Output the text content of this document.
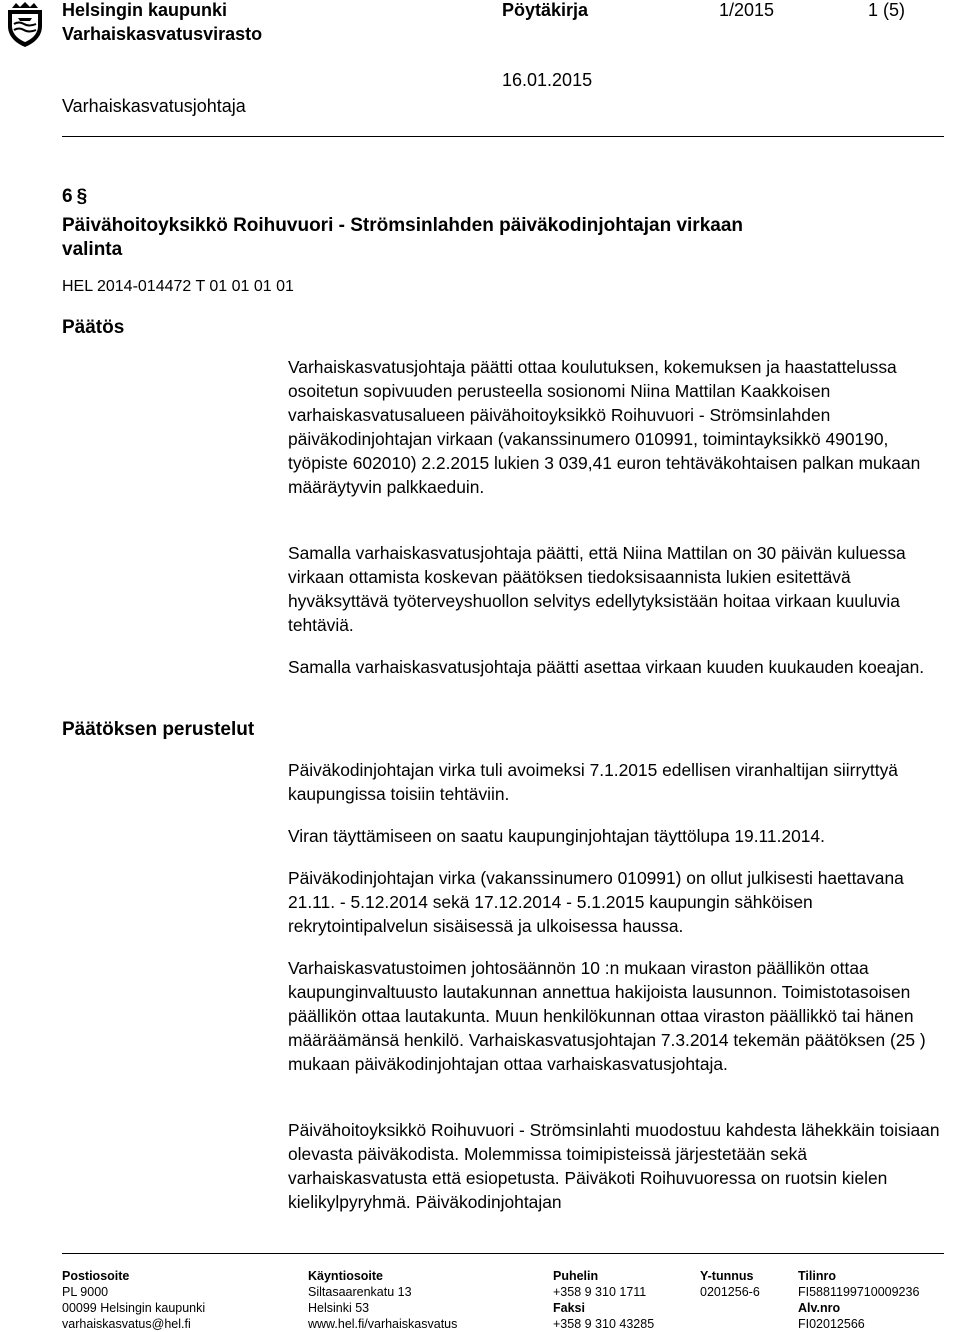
Helsingin kaupunki
Varhaiskasvatusvirasto
Pöytäkirja	1/2015	1 (5)
16.01.2015
Varhaiskasvatusjohtaja
6 §
Päivähoitoyksikkö Roihuvuori - Strömsinlahden päiväkodinjohtajan virkaan valinta
HEL 2014-014472 T 01 01 01 01
Päätös

Varhaiskasvatusjohtaja päätti ottaa koulutuksen, kokemuksen ja haastattelussa osoitetun sopivuuden perusteella sosionomi Niina Mattilan Kaakkoisen varhaiskasvatusalueen päivähoitoyksikkö Roihuvuori - Strömsinlahden päiväkodinjohtajan virkaan (vakanssinumero 010991, toimintayksikkö 490190, työpiste 602010) 2.2.2015 lukien 3 039,41 euron tehtäväkohtaisen palkan mukaan määräytyvin palkkaeduin.

Samalla varhaiskasvatusjohtaja päätti, että Niina Mattilan on 30 päivän kuluessa virkaan ottamista koskevan päätöksen tiedoksisaannista lukien esitettävä hyväksyttävä työterveyshuollon selvitys edellytyksistään hoitaa virkaan kuuluvia tehtäviä.

Samalla varhaiskasvatusjohtaja päätti asettaa virkaan kuuden kuukauden koeajan.

Päätöksen perustelut

Päiväkodinjohtajan virka tuli avoimeksi 7.1.2015 edellisen viranhaltijan siirryttyä kaupungissa toisiin tehtäviin.

Viran täyttämiseen on saatu kaupunginjohtajan täyttölupa 19.11.2014.

Päiväkodinjohtajan virka (vakanssinumero 010991) on ollut julkisesti haettavana 21.11. - 5.12.2014 sekä 17.12.2014 - 5.1.2015 kaupungin sähköisen rekrytointipalvelun sisäisessä ja ulkoisessa haussa.

Varhaiskasvatustoimen johtosäännön 10 :n mukaan viraston päällikön ottaa kaupunginvaltuusto lautakunnan annettua hakijoista lausunnon. Toimistotasoisen päällikön ottaa lautakunta. Muun henkilökunnan ottaa viraston päällikkö tai hänen määräämänsä henkilö. Varhaiskasvatusjohtajan 7.3.2014 tekemän päätöksen (25 ) mukaan päiväkodinjohtajan ottaa varhaiskasvatusjohtaja.

Päivähoitoyksikkö Roihuvuori - Strömsinlahti muodostuu kahdesta lähekkäin toisiaan olevasta päiväkodista. Molemmissa toimipisteissä järjestetään sekä varhaiskasvatusta että esiopetusta. Päiväkoti Roihuvuoressa on ruotsin kielen kielikylpyryhmä. Päiväkodinjohtajan

Postiosoite
PL 9000
00099 Helsingin kaupunki
varhaiskasvatus@hel.fi
Käyntiosoite
Siltasaarenkatu 13
Helsinki 53
www.hel.fi/varhaiskasvatus
Puhelin
+358 9 310 1711
Faksi
+358 9 310 43285
Y-tunnus
0201256-6
Tilinro
FI5881199710009236
Alv.nro
FI02012566
